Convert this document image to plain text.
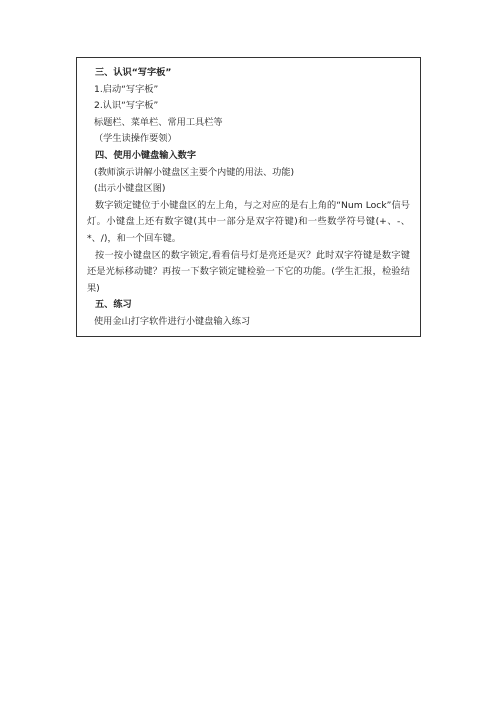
三、认识“写字板”
1.启动“写字板”
2.认识“写字板”
标题栏、菜单栏、常用工具栏等
（学生读操作要领）
四、使用小键盘输入数字
(教师演示讲解小键盘区主要个内键的用法、功能)
(出示小键盘区图)
数字锁定键位于小键盘区的左上角，与之对应的是右上角的“Num Lock”信号灯。小键盘上还有数字键(其中一部分是双字符键)和一些数学符号键(+、-、*、/)，和一个回车键。
按一按小键盘区的数字锁定,看看信号灯是亮还是灭？此时双字符键是数字键还是光标移动键？再按一下数字锁定键检验一下它的功能。(学生汇报，检验结果)
五、练习
使用金山打字软件进行小键盘输入练习
